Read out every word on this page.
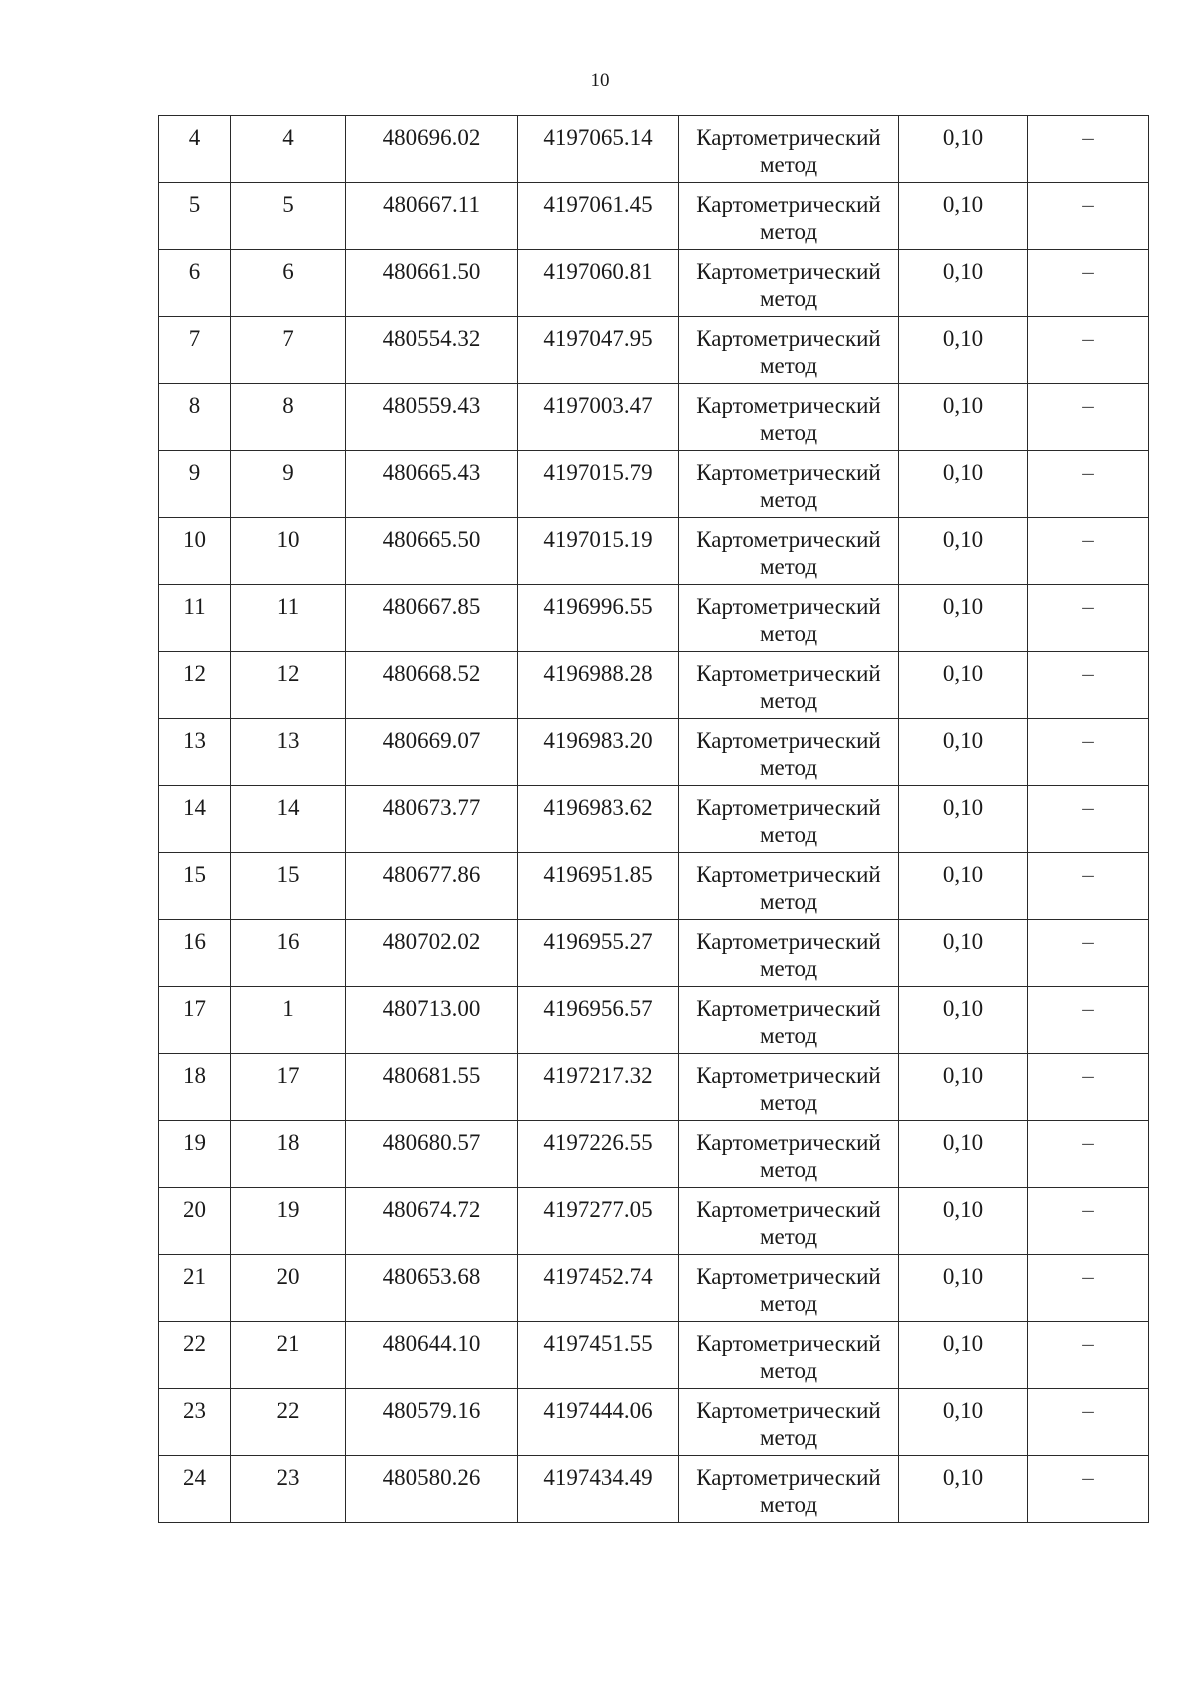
10
4	4	480696.02	4197065.14	Картометрический
метод	0,10	–
5	5	480667.11	4197061.45	Картометрический
метод	0,10	–
6	6	480661.50	4197060.81	Картометрический
метод	0,10	–
7	7	480554.32	4197047.95	Картометрический
метод	0,10	–
8	8	480559.43	4197003.47	Картометрический
метод	0,10	–
9	9	480665.43	4197015.79	Картометрический
метод	0,10	–
10	10	480665.50	4197015.19	Картометрический
метод	0,10	–
11	11	480667.85	4196996.55	Картометрический
метод	0,10	–
12	12	480668.52	4196988.28	Картометрический
метод	0,10	–
13	13	480669.07	4196983.20	Картометрический
метод	0,10	–
14	14	480673.77	4196983.62	Картометрический
метод	0,10	–
15	15	480677.86	4196951.85	Картометрический
метод	0,10	–
16	16	480702.02	4196955.27	Картометрический
метод	0,10	–
17	1	480713.00	4196956.57	Картометрический
метод	0,10	–
18	17	480681.55	4197217.32	Картометрический
метод	0,10	–
19	18	480680.57	4197226.55	Картометрический
метод	0,10	–
20	19	480674.72	4197277.05	Картометрический
метод	0,10	–
21	20	480653.68	4197452.74	Картометрический
метод	0,10	–
22	21	480644.10	4197451.55	Картометрический
метод	0,10	–
23	22	480579.16	4197444.06	Картометрический
метод	0,10	–
24	23	480580.26	4197434.49	Картометрический
метод	0,10	–
